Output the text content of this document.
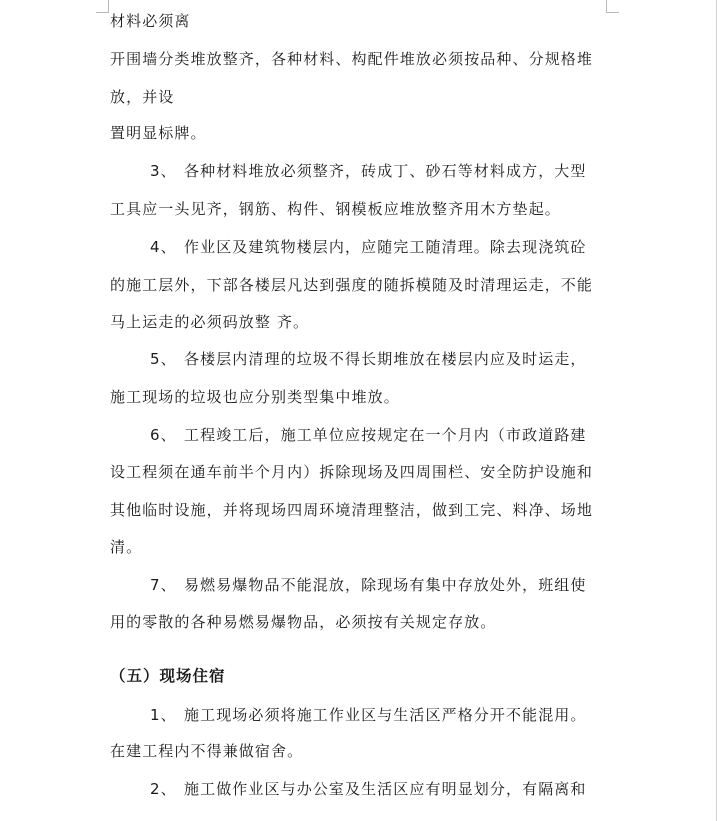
材料必须离
开围墙分类堆放整齐，各种材料、构配件堆放必须按品种、分规格堆
放，并设
置明显标牌。
3、 各种材料堆放必须整齐，砖成丁、砂石等材料成方，大型
工具应一头见齐，钢筋、构件、钢模板应堆放整齐用木方垫起。
4、 作业区及建筑物楼层内，应随完工随清理。除去现浇筑砼
的施工层外，下部各楼层凡达到强度的随拆模随及时清理运走，不能
马上运走的必须码放整 齐。
5、 各楼层内清理的垃圾不得长期堆放在楼层内应及时运走，
施工现场的垃圾也应分别类型集中堆放。
6、 工程竣工后，施工单位应按规定在一个月内（市政道路建
设工程须在通车前半个月内）拆除现场及四周围栏、安全防护设施和
其他临时设施，并将现场四周环境清理整洁，做到工完、料净、场地
清。
7、 易燃易爆物品不能混放，除现场有集中存放处外，班组使
用的零散的各种易燃易爆物品，必须按有关规定存放。
（五）现场住宿
1、 施工现场必须将施工作业区与生活区严格分开不能混用。
在建工程内不得兼做宿舍。
2、 施工做作业区与办公室及生活区应有明显划分，有隔离和
